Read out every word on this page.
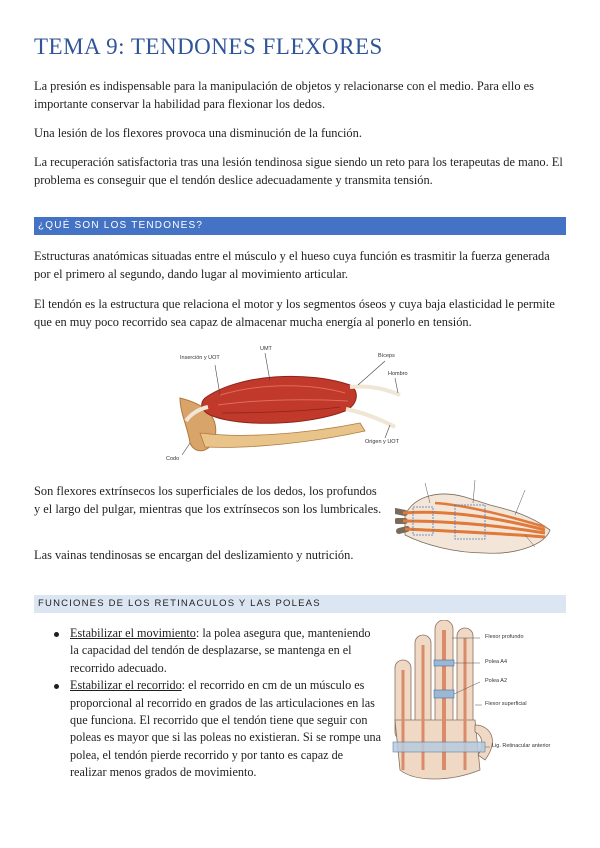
TEMA 9: TENDONES FLEXORES

La presión es indispensable para la manipulación de objetos y relacionarse con el medio. Para ello es importante conservar la habilidad para flexionar los dedos.

Una lesión de los flexores provoca una disminución de la función.

La recuperación satisfactoria tras una lesión tendinosa sigue siendo un reto para los terapeutas de mano. El problema es conseguir que el tendón deslice adecuadamente y transmita tensión.

¿QUÉ SON LOS TENDONES?

Estructuras anatómicas situadas entre el músculo y el hueso cuya función es trasmitir la fuerza generada por el primero al segundo, dando lugar al movimiento articular.

El tendón es la estructura que relaciona el motor y los segmentos óseos y cuya baja elasticidad le permite que en muy poco recorrido sea capaz de almacenar mucha energía al ponerlo en tensión.

Inserción y UOT
UMT
Bíceps
Hombro
Origen y UOT
Codo

Son flexores extrínsecos los superficiales de los dedos, los profundos y el largo del pulgar, mientras que los extrínsecos son los lumbricales.

Las vainas tendinosas se encargan del deslizamiento y nutrición.

FUNCIONES DE LOS RETINACULOS Y LAS POLEAS
Estabilizar el movimiento: la polea asegura que, manteniendo la capacidad del tendón de desplazarse, se mantenga en el recorrido adecuado.
Estabilizar el recorrido: el recorrido en cm de un músculo es proporcional al recorrido en grados de las articulaciones en las que funciona. El recorrido que el tendón tiene que seguir con poleas es mayor que si las poleas no existieran. Si se rompe una polea, el tendón pierde recorrido y por tanto es capaz de realizar menos grados de movimiento.
Flexor profundo
Polea A4
Polea A2
Flexor superficial
Lig. Retinacular anterior
